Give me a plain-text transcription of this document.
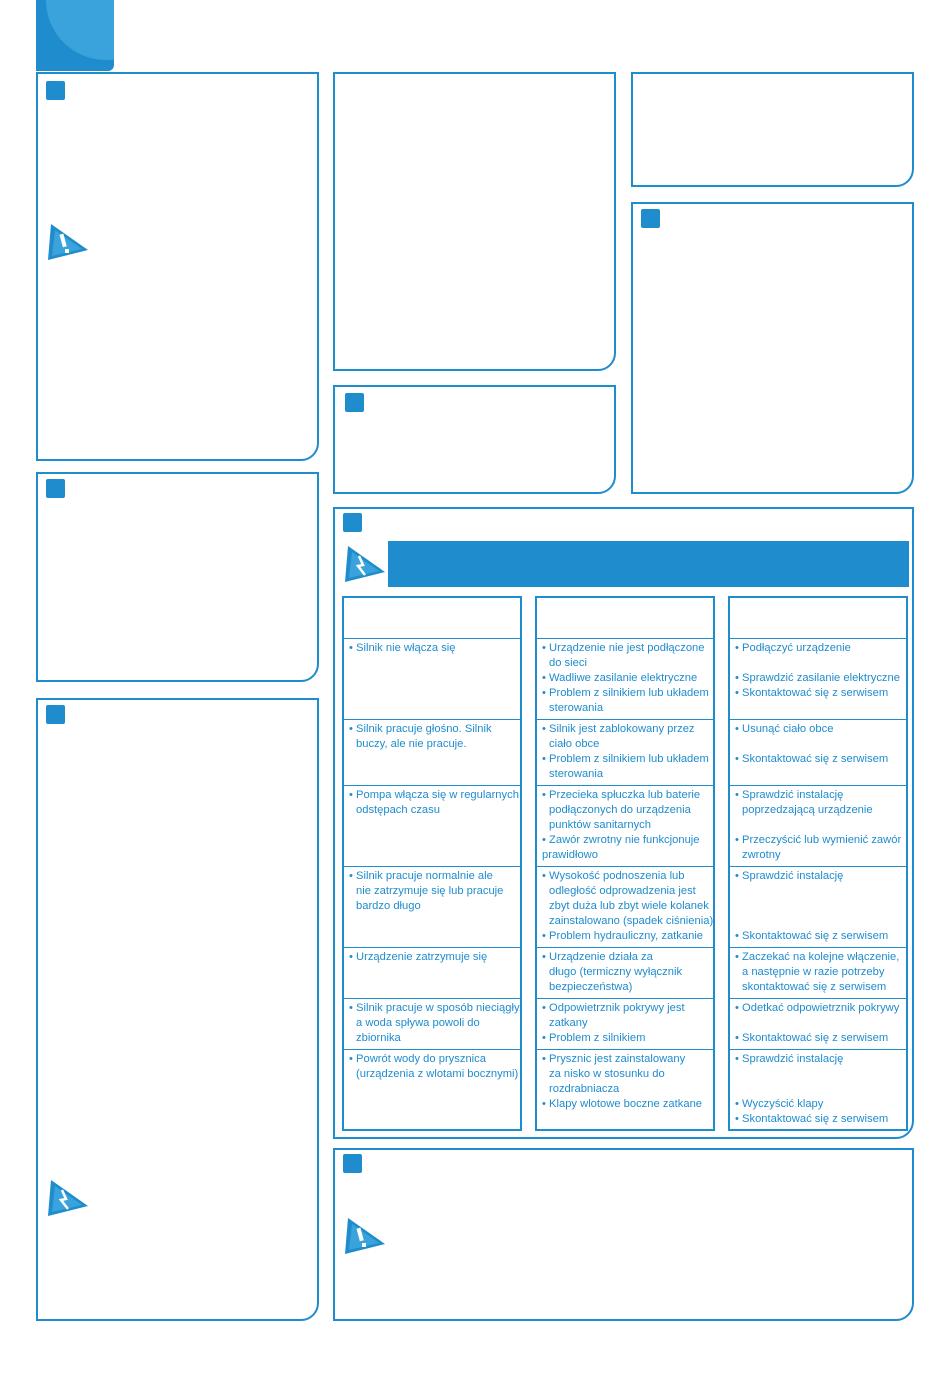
• Silnik nie włącza się
• Silnik pracuje głośno. Silnik
buczy, ale nie pracuje.
• Pompa włącza się w regularnych
odstępach czasu
• Silnik pracuje normalnie ale
nie zatrzymuje się lub pracuje
bardzo długo
• Urządzenie zatrzymuje się
• Silnik pracuje w sposób nieciągły,
a woda spływa powoli do
zbiornika
• Powrót wody do prysznica
(urządzenia z wlotami bocznymi)
• Urządzenie nie jest podłączone
do sieci
• Wadliwe zasilanie elektryczne
• Problem z silnikiem lub układem
sterowania
• Silnik jest zablokowany przez
ciało obce
• Problem z silnikiem lub układem
sterowania
• Przecieka spłuczka lub baterie
podłączonych do urządzenia
punktów sanitarnych
• Zawór zwrotny nie funkcjonuje
prawidłowo
• Wysokość podnoszenia lub
odległość odprowadzenia jest
zbyt duża lub zbyt wiele kolanek
zainstalowano (spadek ciśnienia)
• Problem hydrauliczny, zatkanie
• Urządzenie działa za
długo (termiczny wyłącznik
bezpieczeństwa)
• Odpowietrznik pokrywy jest
zatkany
• Problem z silnikiem
• Prysznic jest zainstalowany
za nisko w stosunku do
rozdrabniacza
• Klapy wlotowe boczne zatkane
• Podłączyć urządzenie

• Sprawdzić zasilanie elektryczne
• Skontaktować się z serwisem
• Usunąć ciało obce

• Skontaktować się z serwisem
• Sprawdzić instalację
poprzedzającą urządzenie

• Przeczyścić lub wymienić zawór
zwrotny
• Sprawdzić instalację

• Skontaktować się z serwisem
• Zaczekać na kolejne włączenie,
a następnie w razie potrzeby
skontaktować się z serwisem
• Odetkać odpowietrznik pokrywy

• Skontaktować się z serwisem
• Sprawdzić instalację

• Wyczyścić klapy
• Skontaktować się z serwisem
